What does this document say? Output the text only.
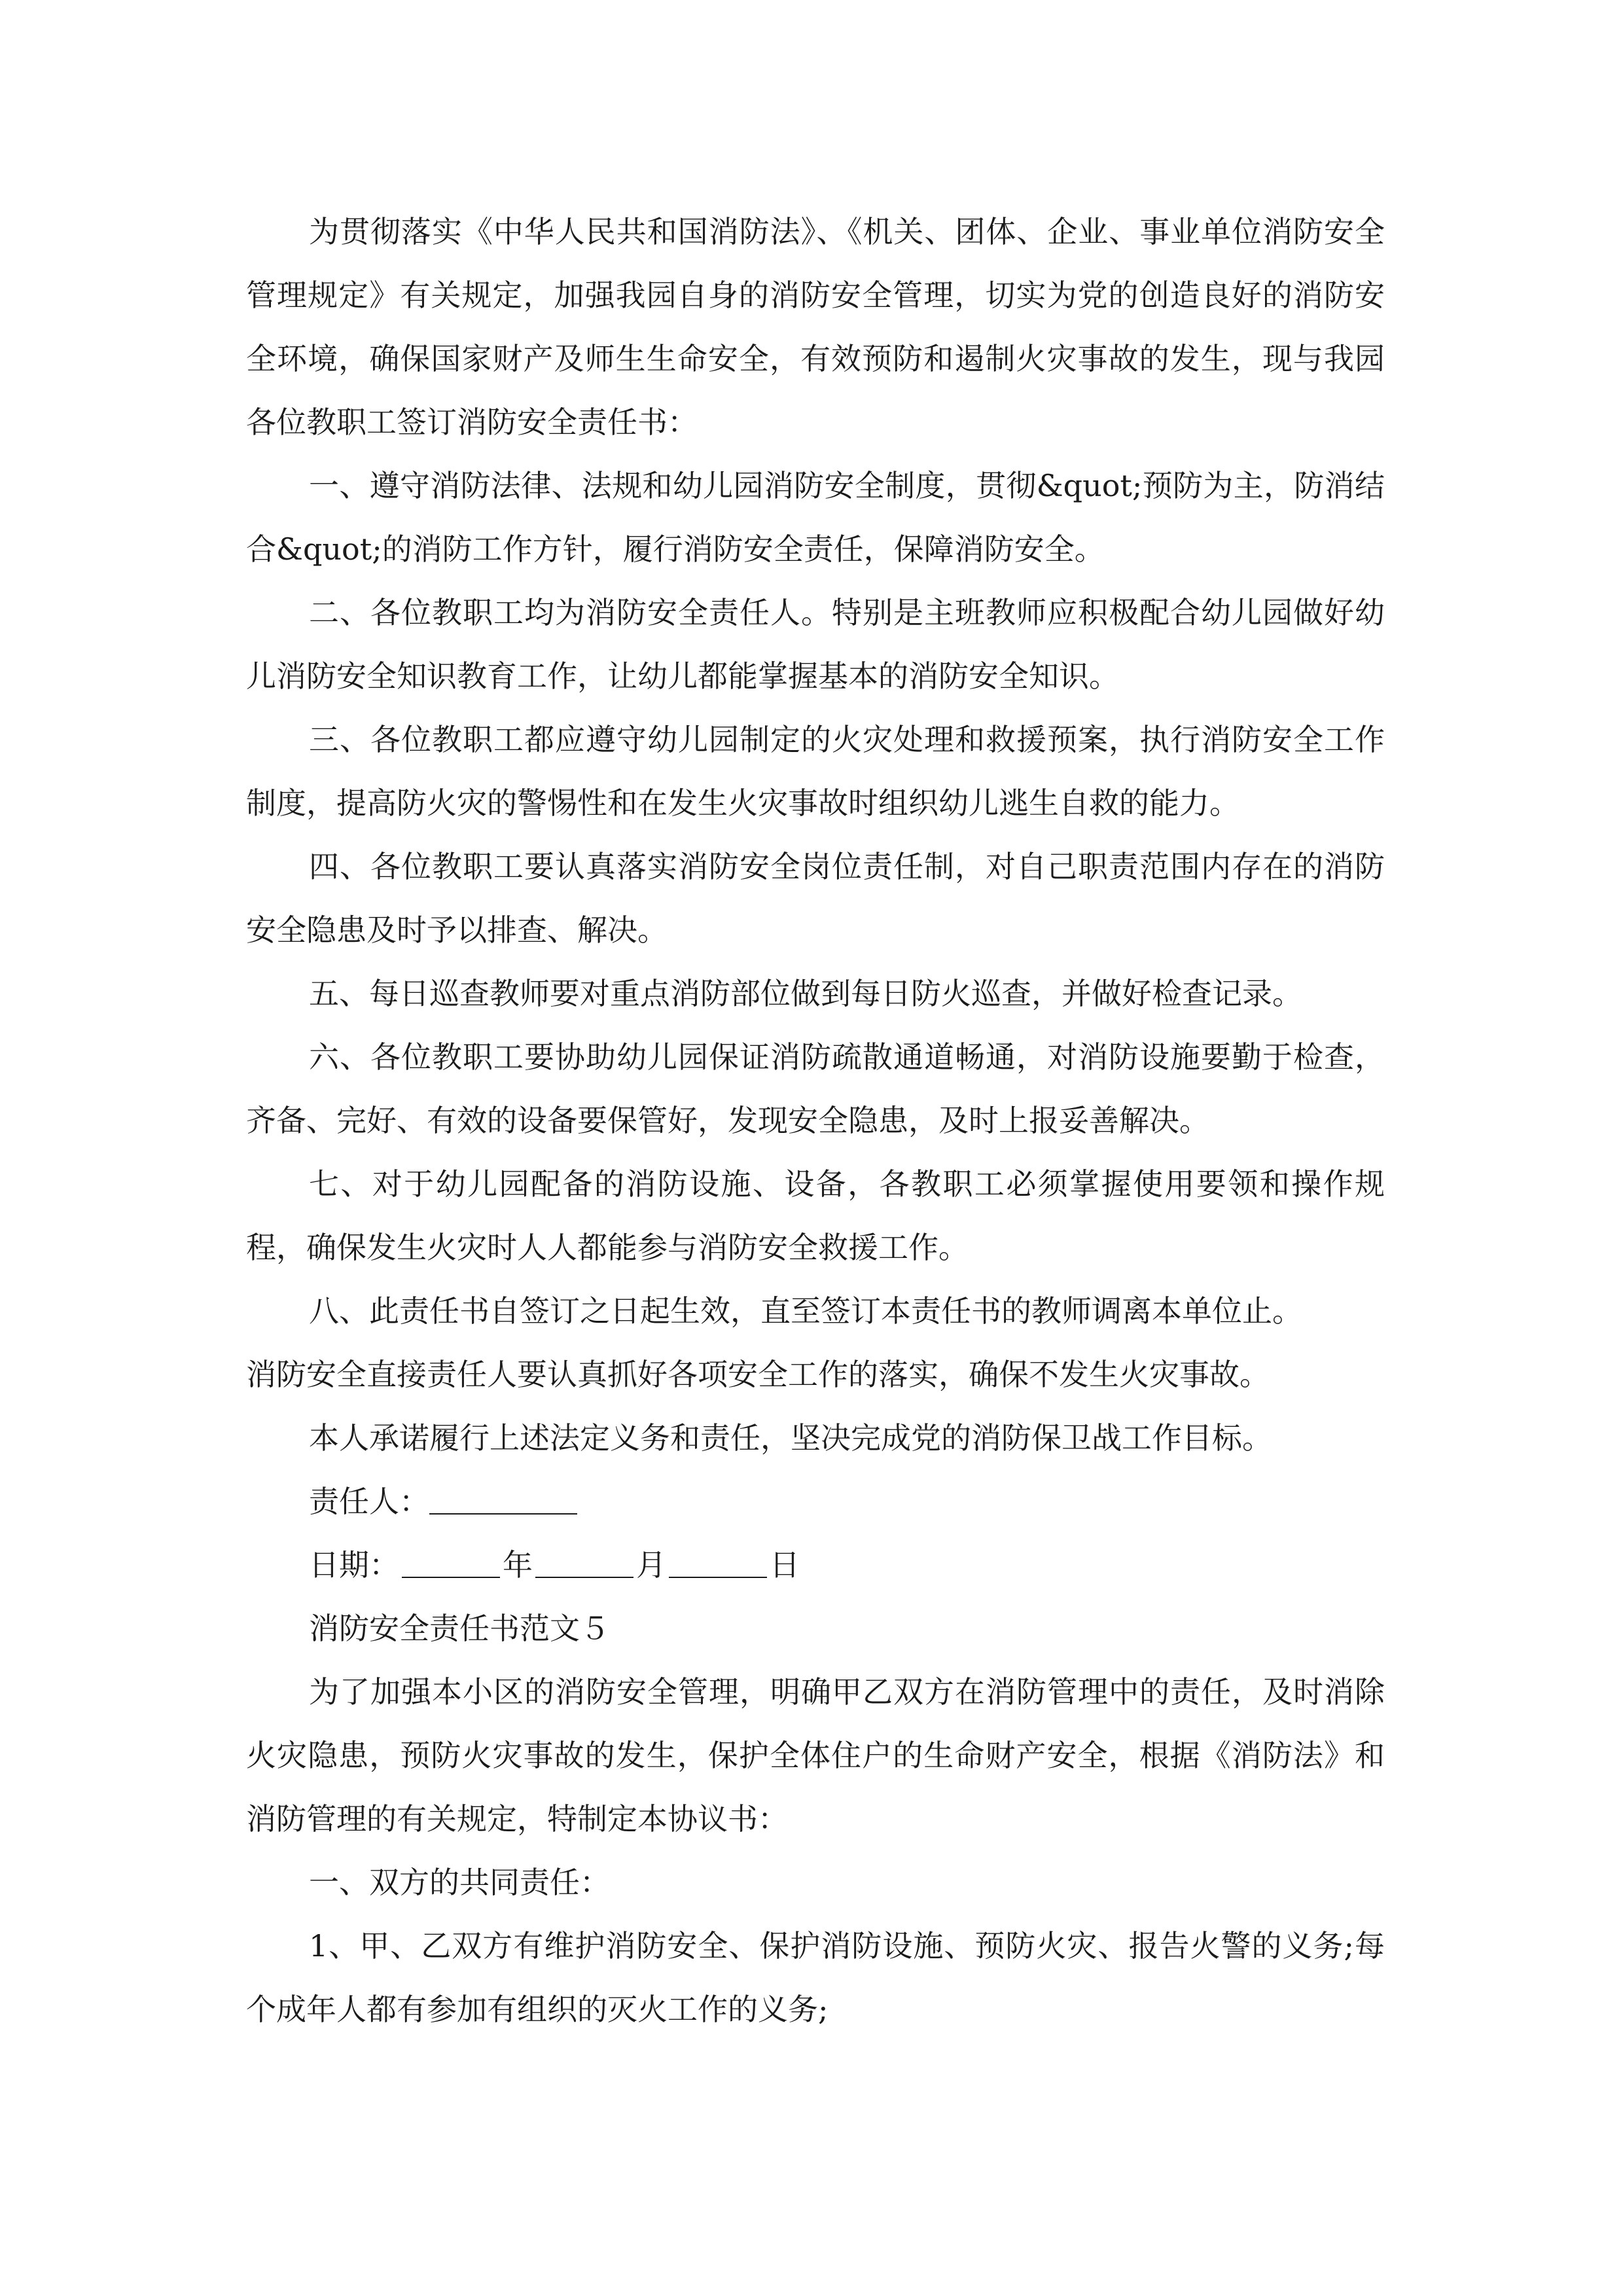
为贯彻落实《中华人民共和国消防法》、《机关、团体、企业、事业单位消防安全管理规定》有关规定，加强我园自身的消防安全管理，切实为党的创造良好的消防安全环境，确保国家财产及师生生命安全，有效预防和遏制火灾事故的发生，现与我园各位教职工签订消防安全责任书：

一、遵守消防法律、法规和幼儿园消防安全制度，贯彻&quot;预防为主，防消结合&quot;的消防工作方针，履行消防安全责任，保障消防安全。

二、各位教职工均为消防安全责任人。特别是主班教师应积极配合幼儿园做好幼儿消防安全知识教育工作，让幼儿都能掌握基本的消防安全知识。

三、各位教职工都应遵守幼儿园制定的火灾处理和救援预案，执行消防安全工作制度，提高防火灾的警惕性和在发生火灾事故时组织幼儿逃生自救的能力。

四、各位教职工要认真落实消防安全岗位责任制，对自己职责范围内存在的消防安全隐患及时予以排查、解决。

五、每日巡查教师要对重点消防部位做到每日防火巡查，并做好检查记录。

六、各位教职工要协助幼儿园保证消防疏散通道畅通，对消防设施要勤于检查，齐备、完好、有效的设备要保管好，发现安全隐患，及时上报妥善解决。

七、对于幼儿园配备的消防设施、设备，各教职工必须掌握使用要领和操作规程，确保发生火灾时人人都能参与消防安全救援工作。

八、此责任书自签订之日起生效，直至签订本责任书的教师调离本单位止。

消防安全直接责任人要认真抓好各项安全工作的落实，确保不发生火灾事故。

本人承诺履行上述法定义务和责任，坚决完成党的消防保卫战工作目标。

责任人：

日期：	年	月	日

消防安全责任书范文５

为了加强本小区的消防安全管理，明确甲乙双方在消防管理中的责任，及时消除火灾隐患，预防火灾事故的发生，保护全体住户的生命财产安全，根据《消防法》和消防管理的有关规定，特制定本协议书：

一、双方的共同责任：

1、甲、乙双方有维护消防安全、保护消防设施、预防火灾、报告火警的义务;每个成年人都有参加有组织的灭火工作的义务;
